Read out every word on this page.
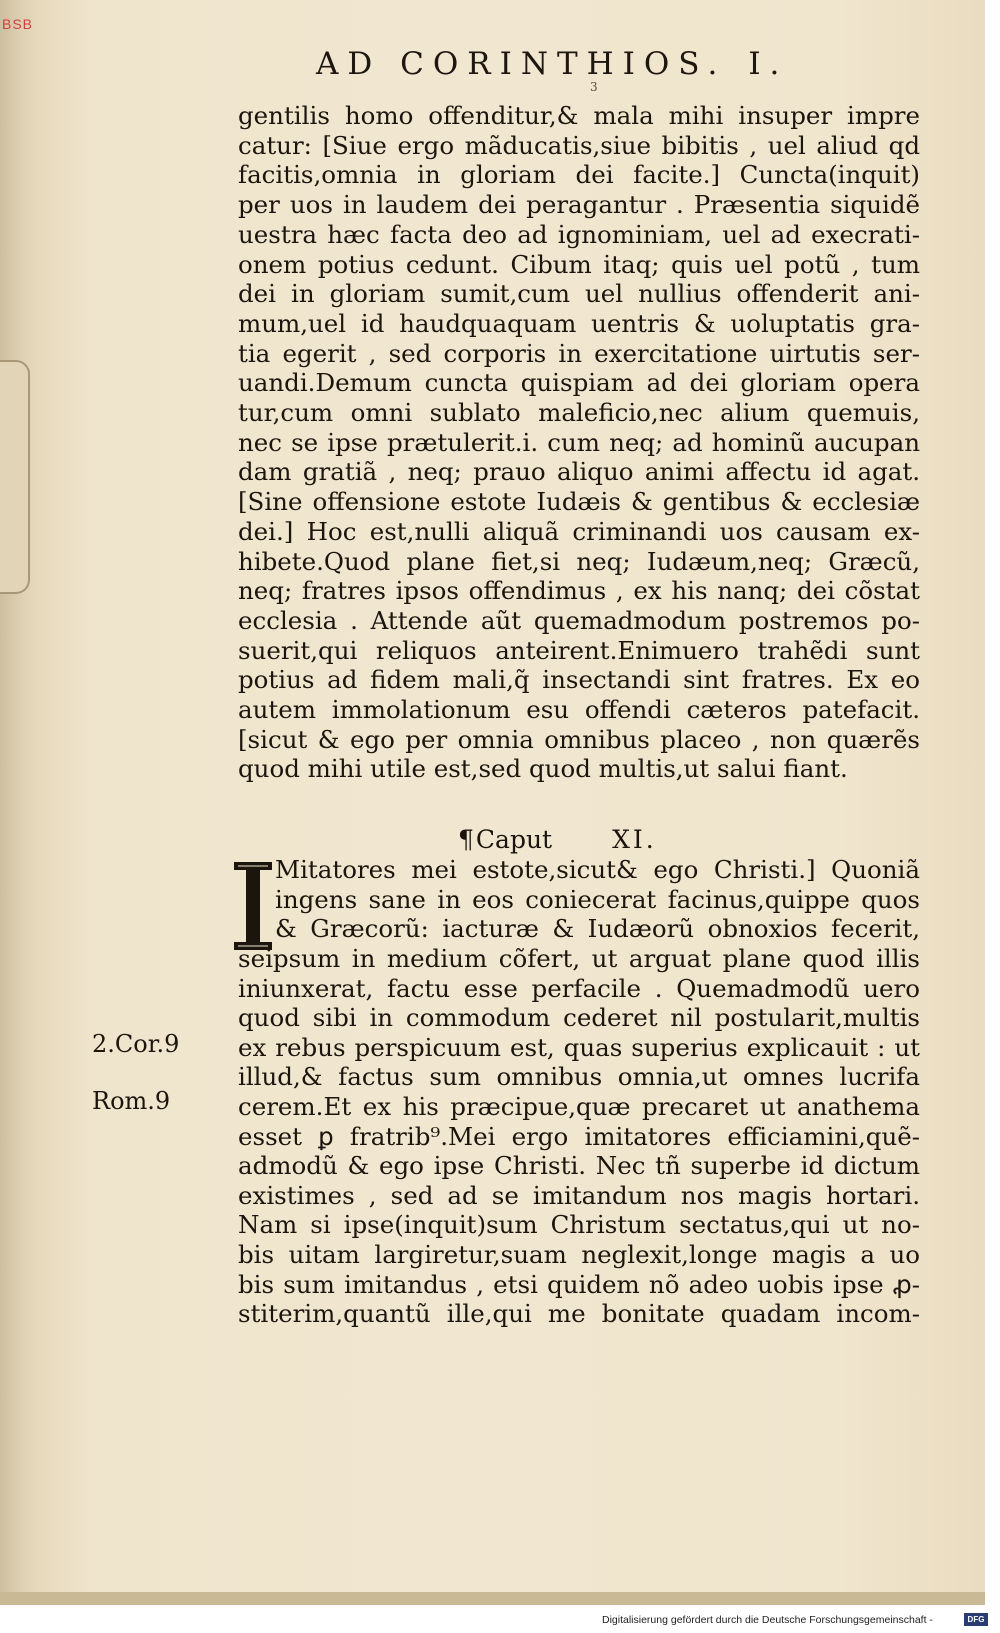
BSB
AD CORINTHIOS. I.
3
gentilis homo offenditur,& mala mihi insuper impre
catur: [Siue ergo mãducatis,siue bibitis , uel aliud qd
facitis,omnia in gloriam dei facite.] Cuncta(inquit)
per uos in laudem dei peragantur . Præsentia siquidẽ
uestra hæc facta deo ad ignominiam, uel ad execrati-
onem potius cedunt. Cibum itaq; quis uel potũ , tum
dei in gloriam sumit,cum uel nullius offenderit ani-
mum,uel id haudquaquam uentris & uoluptatis gra-
tia egerit , sed corporis in exercitatione uirtutis ser-
uandi.Demum cuncta quispiam ad dei gloriam opera
tur,cum omni sublato maleficio,nec alium quemuis,
nec se ipse prætulerit.i. cum neq; ad hominũ aucupan
dam gratiã , neq; prauo aliquo animi affectu id agat.
[Sine offensione estote Iudæis & gentibus & ecclesiæ
dei.] Hoc est,nulli aliquã criminandi uos causam ex-
hibete.Quod plane fiet,si neq; Iudæum,neq; Græcũ,
neq; fratres ipsos offendimus , ex his nanq; dei cõstat
ecclesia . Attende aũt quemadmodum postremos po-
suerit,qui reliquos anteirent.Enimuero trahẽdi sunt
potius ad fidem mali,q̃ insectandi sint fratres. Ex eo
autem immolationum esu offendi cæteros patefacit.
[sicut & ego per omnia omnibus placeo , non quærẽs
quod mihi utile est,sed quod multis,ut salui fiant.
¶Caput XI.
Mitatores mei estote,sicut& ego Christi.] Quoniã
ingens sane in eos coniecerat facinus,quippe quos
& Græcorũ: iacturæ & Iudæorũ obnoxios fecerit,
seipsum in medium cõfert, ut arguat plane quod illis
iniunxerat, factu esse perfacile . Quemadmodũ uero
quod sibi in commodum cederet nil postularit,multis
ex rebus perspicuum est, quas superius explicauit : ut
illud,& factus sum omnibus omnia,ut omnes lucrifa
cerem.Et ex his præcipue,quæ precaret ut anathema
esset ꝑ fratrib⁹.Mei ergo imitatores efficiamini,quẽ-
admodũ & ego ipse Christi. Nec tñ superbe id dictum
existimes , sed ad se imitandum nos magis hortari.
Nam si ipse(inquit)sum Christum sectatus,qui ut no-
bis uitam largiretur,suam neglexit,longe magis a uo
bis sum imitandus , etsi quidem nõ adeo uobis ipse ꝓ-
stiterim,quantũ ille,qui me bonitate quadam incom-
2.Cor.9
Rom.9
Digitalisierung gefördert durch die Deutsche Forschungsgemeinschaft -	DFG
